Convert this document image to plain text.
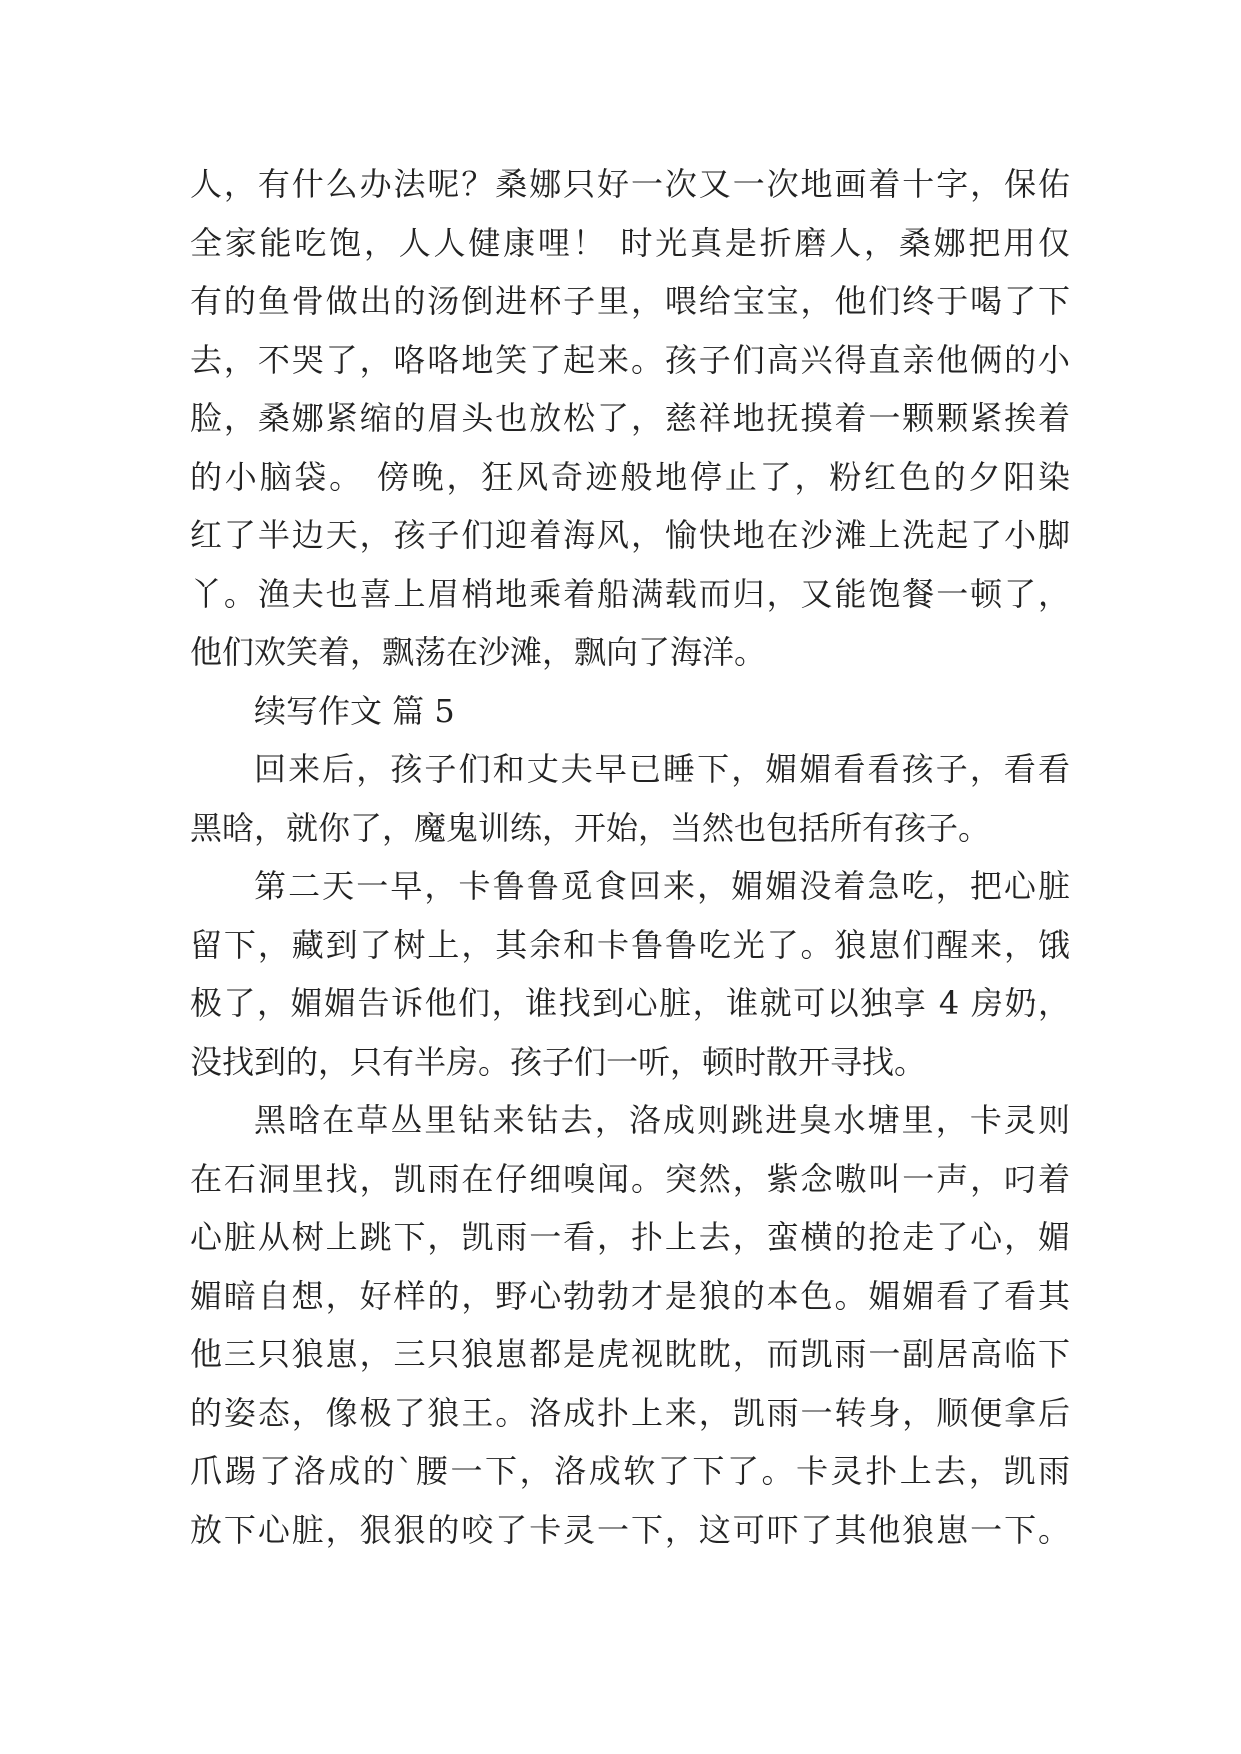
人，有什么办法呢？桑娜只好一次又一次地画着十字，保佑
全家能吃饱，人人健康哩！ 时光真是折磨人，桑娜把用仅
有的鱼骨做出的汤倒进杯子里，喂给宝宝，他们终于喝了下
去，不哭了，咯咯地笑了起来。孩子们高兴得直亲他俩的小
脸，桑娜紧缩的眉头也放松了，慈祥地抚摸着一颗颗紧挨着
的小脑袋。 傍晚，狂风奇迹般地停止了，粉红色的夕阳染
红了半边天，孩子们迎着海风，愉快地在沙滩上洗起了小脚
丫。渔夫也喜上眉梢地乘着船满载而归，又能饱餐一顿了，
他们欢笑着，飘荡在沙滩，飘向了海洋。
续写作文 篇 5
回来后，孩子们和丈夫早已睡下，媚媚看看孩子，看看
黑晗，就你了，魔鬼训练，开始，当然也包括所有孩子。
第二天一早，卡鲁鲁觅食回来，媚媚没着急吃，把心脏
留下，藏到了树上，其余和卡鲁鲁吃光了。狼崽们醒来，饿
极了，媚媚告诉他们，谁找到心脏，谁就可以独享 4 房奶，
没找到的，只有半房。孩子们一听，顿时散开寻找。
黑晗在草丛里钻来钻去，洛成则跳进臭水塘里，卡灵则
在石洞里找，凯雨在仔细嗅闻。突然，紫念嗷叫一声，叼着
心脏从树上跳下，凯雨一看，扑上去，蛮横的抢走了心，媚
媚暗自想，好样的，野心勃勃才是狼的本色。媚媚看了看其
他三只狼崽，三只狼崽都是虎视眈眈，而凯雨一副居高临下
的姿态，像极了狼王。洛成扑上来，凯雨一转身，顺便拿后
爪踢了洛成的`腰一下，洛成软了下了。卡灵扑上去，凯雨
放下心脏，狠狠的咬了卡灵一下，这可吓了其他狼崽一下。
